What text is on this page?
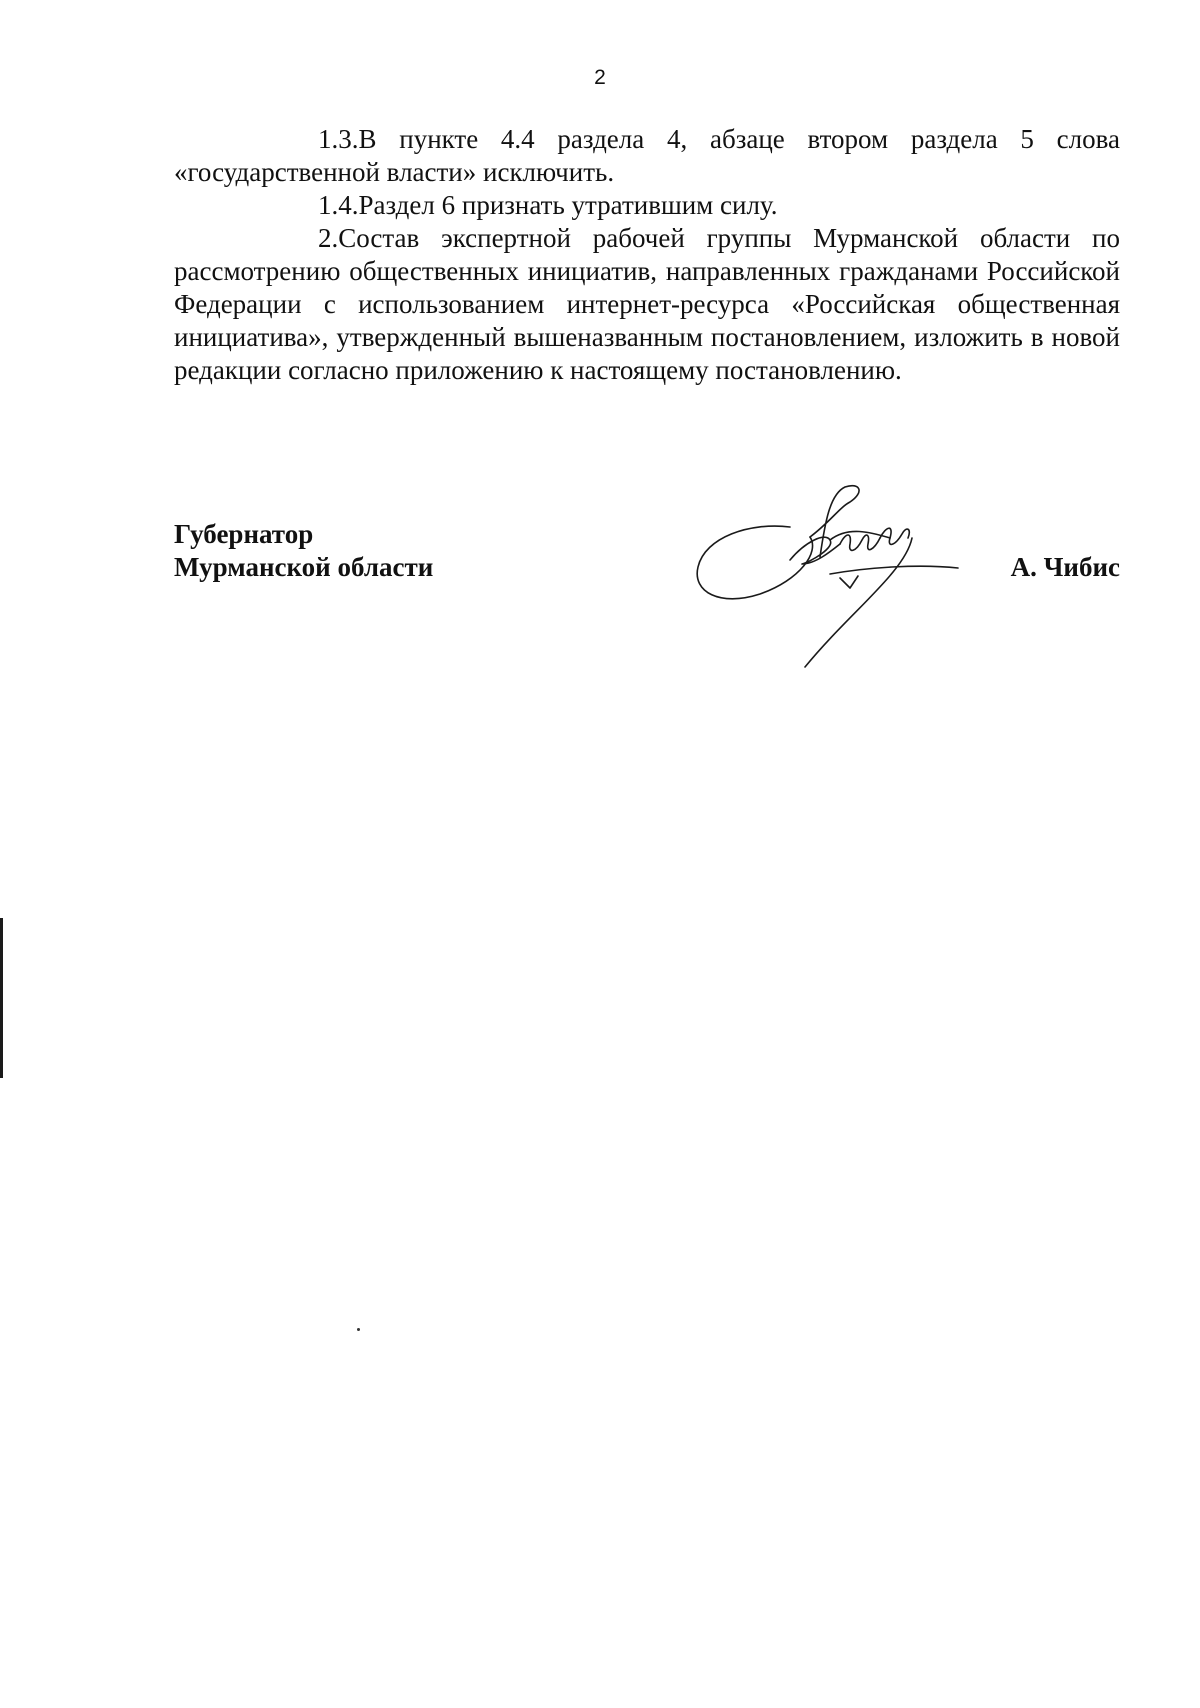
2

1.3.В пункте 4.4 раздела 4, абзаце втором раздела 5 слова «государственной власти» исключить.

1.4.Раздел 6 признать утратившим силу.

2.Состав экспертной рабочей группы Мурманской области по рассмотрению общественных инициатив, направленных гражданами Российской Федерации с использованием интернет-ресурса «Российская общественная инициатива», утвержденный вышеназванным постановлением, изложить в новой редакции согласно приложению к настоящему постановлению.

Губернатор
Мурманской области	А. Чибис
